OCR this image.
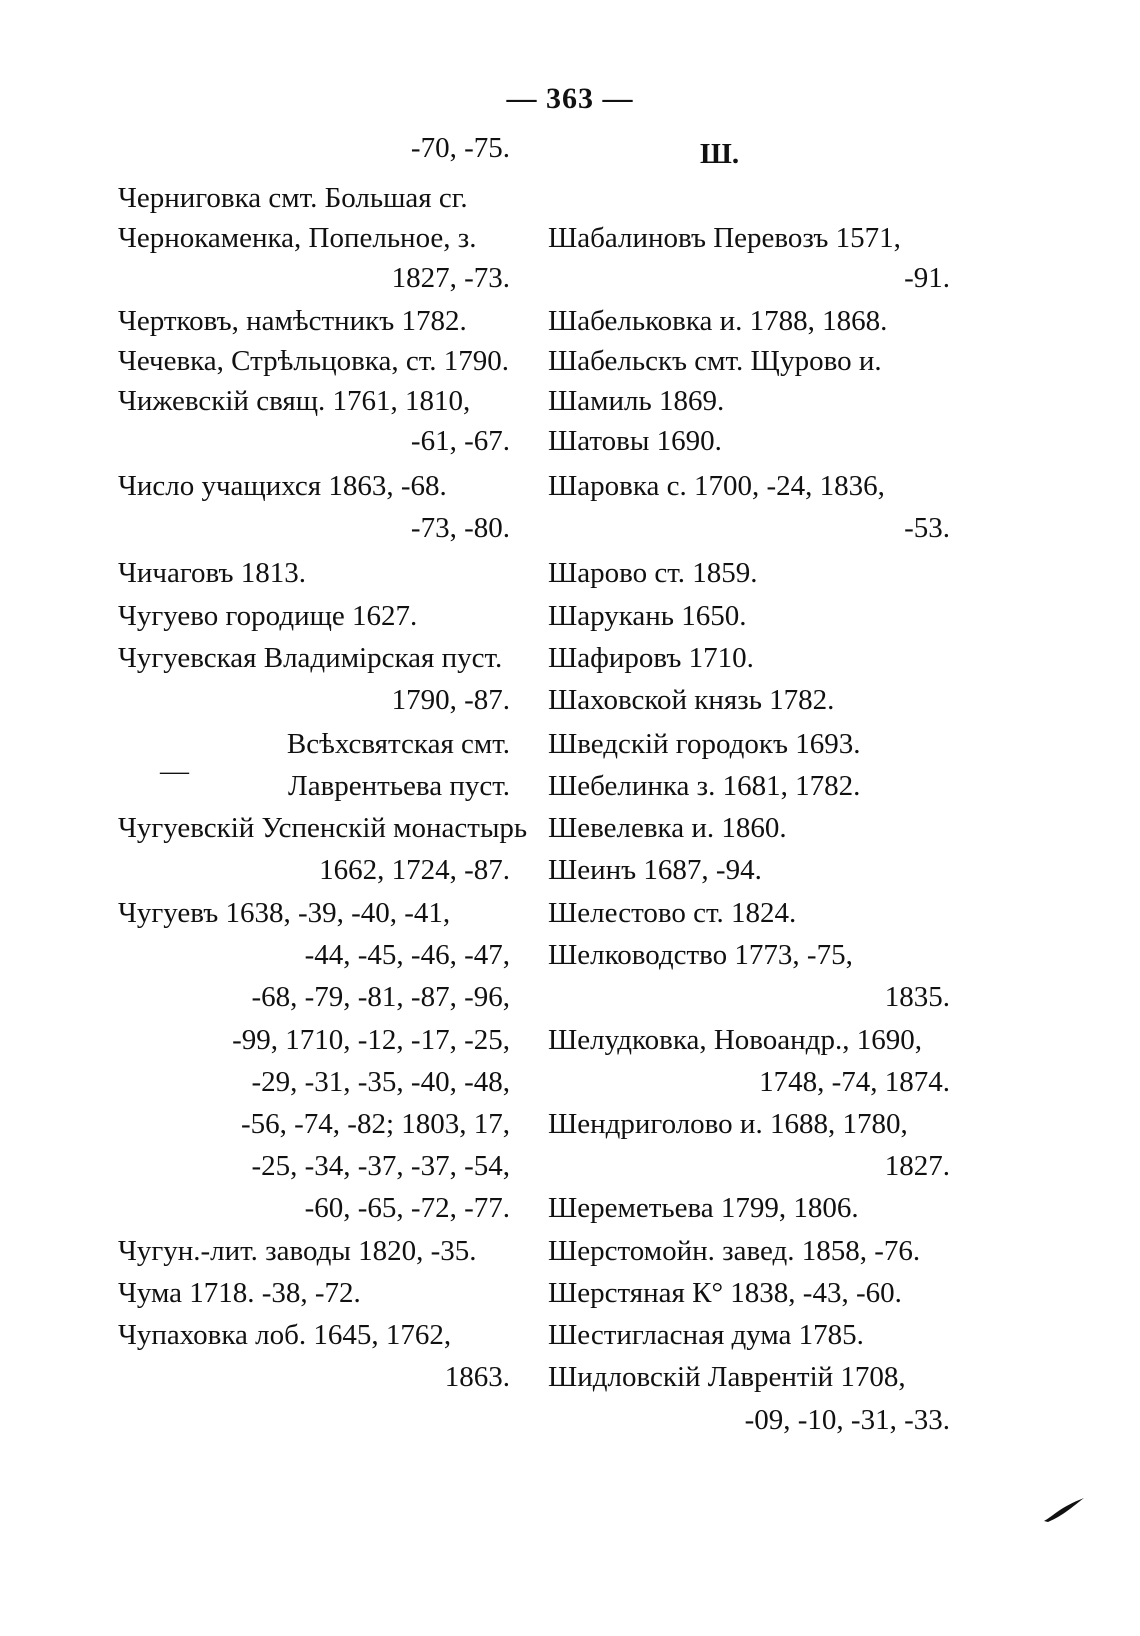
— 363 —
-70, -75.
Черниговка смт. Большая сг.
Чернокаменка, Попельное, з.
1827, -73.
Чертковъ, намѣстникъ 1782.
Чечевка, Стрѣльцовка, ст. 1790.
Чижевскій свящ. 1761, 1810,
-61, -67.
Число учащихся 1863, -68.
-73, -80.
Чичаговъ 1813.
Чугуево городище 1627.
Чугуевская Владимірская пуст.
1790, -87.
—
Всѣхсвятская смт.
Лаврентьева пуст.
Чугуевскій Успенскій монастырь
1662, 1724, -87.
Чугуевъ 1638, -39, -40, -41,
-44, -45, -46, -47,
-68, -79, -81, -87, -96,
-99, 1710, -12, -17, -25,
-29, -31, -35, -40, -48,
-56, -74, -82; 1803, 17,
-25, -34, -37, -37, -54,
-60, -65, -72, -77.
Чугун.-лит. заводы 1820, -35.
Чума 1718. -38, -72.
Чупаховка лоб. 1645, 1762,
1863.
Ш.
Шабалиновъ Перевозъ 1571,
-91.
Шабельковка и. 1788, 1868.
Шабельскъ смт. Щурово и.
Шамиль 1869.
Шатовы 1690.
Шаровка с. 1700, -24, 1836,
-53.
Шарово ст. 1859.
Шарукань 1650.
Шафировъ 1710.
Шаховской князь 1782.
Шведскій городокъ 1693.
Шебелинка з. 1681, 1782.
Шевелевка и. 1860.
Шеинъ 1687, -94.
Шелестово ст. 1824.
Шелководство 1773, -75,
1835.
Шелудковка, Новоандр., 1690,
1748, -74, 1874.
Шендриголово и. 1688, 1780,
1827.
Шереметьева 1799, 1806.
Шерстомойн. завед. 1858, -76.
Шерстяная К° 1838, -43, -60.
Шестигласная дума 1785.
Шидловскій Лаврентій 1708,
-09, -10, -31, -33.
